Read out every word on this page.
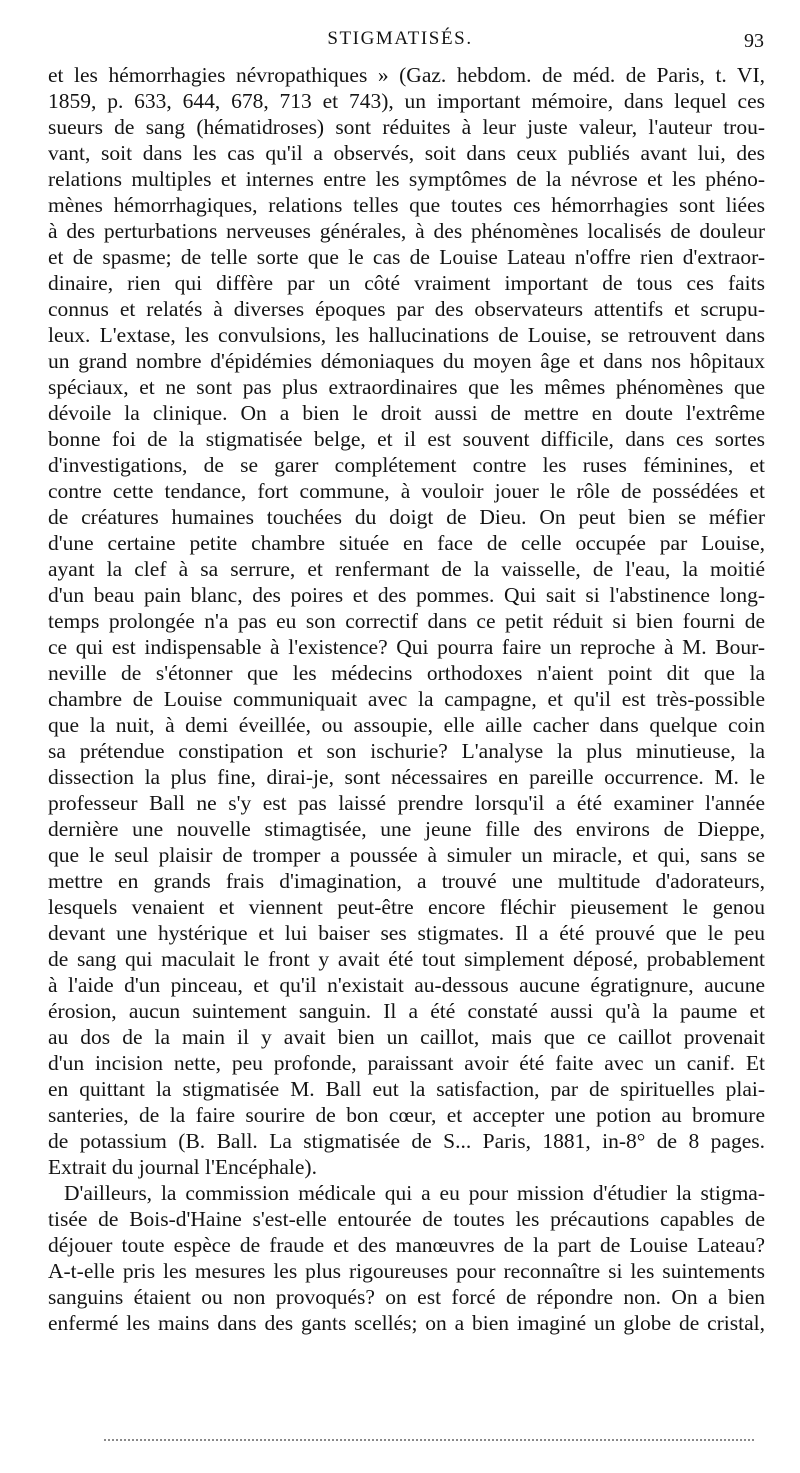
STIGMATISÉS.	93
et les hémorrhagies névropathiques » (Gaz. hebdom. de méd. de Paris, t. VI,
1859, p. 633, 644, 678, 713 et 743), un important mémoire, dans lequel ces
sueurs de sang (hématidroses) sont réduites à leur juste valeur, l'auteur trou-
vant, soit dans les cas qu'il a observés, soit dans ceux publiés avant lui, des
relations multiples et internes entre les symptômes de la névrose et les phéno-
mènes hémorrhagiques, relations telles que toutes ces hémorrhagies sont liées
à des perturbations nerveuses générales, à des phénomènes localisés de douleur
et de spasme; de telle sorte que le cas de Louise Lateau n'offre rien d'extraor-
dinaire, rien qui diffère par un côté vraiment important de tous ces faits
connus et relatés à diverses époques par des observateurs attentifs et scrupu-
leux. L'extase, les convulsions, les hallucinations de Louise, se retrouvent dans
un grand nombre d'épidémies démoniaques du moyen âge et dans nos hôpitaux
spéciaux, et ne sont pas plus extraordinaires que les mêmes phénomènes que
dévoile la clinique. On a bien le droit aussi de mettre en doute l'extrême
bonne foi de la stigmatisée belge, et il est souvent difficile, dans ces sortes
d'investigations, de se garer complétement contre les ruses féminines, et
contre cette tendance, fort commune, à vouloir jouer le rôle de possédées et
de créatures humaines touchées du doigt de Dieu. On peut bien se méfier
d'une certaine petite chambre située en face de celle occupée par Louise,
ayant la clef à sa serrure, et renfermant de la vaisselle, de l'eau, la moitié
d'un beau pain blanc, des poires et des pommes. Qui sait si l'abstinence long-
temps prolongée n'a pas eu son correctif dans ce petit réduit si bien fourni de
ce qui est indispensable à l'existence? Qui pourra faire un reproche à M. Bour-
neville de s'étonner que les médecins orthodoxes n'aient point dit que la
chambre de Louise communiquait avec la campagne, et qu'il est très-possible
que la nuit, à demi éveillée, ou assoupie, elle aille cacher dans quelque coin
sa prétendue constipation et son ischurie? L'analyse la plus minutieuse, la
dissection la plus fine, dirai-je, sont nécessaires en pareille occurrence. M. le
professeur Ball ne s'y est pas laissé prendre lorsqu'il a été examiner l'année
dernière une nouvelle stimagtisée, une jeune fille des environs de Dieppe,
que le seul plaisir de tromper a poussée à simuler un miracle, et qui, sans se
mettre en grands frais d'imagination, a trouvé une multitude d'adorateurs,
lesquels venaient et viennent peut-être encore fléchir pieusement le genou
devant une hystérique et lui baiser ses stigmates. Il a été prouvé que le peu
de sang qui maculait le front y avait été tout simplement déposé, probablement
à l'aide d'un pinceau, et qu'il n'existait au-dessous aucune égratignure, aucune
érosion, aucun suintement sanguin. Il a été constaté aussi qu'à la paume et
au dos de la main il y avait bien un caillot, mais que ce caillot provenait
d'un incision nette, peu profonde, paraissant avoir été faite avec un canif. Et
en quittant la stigmatisée M. Ball eut la satisfaction, par de spirituelles plai-
santeries, de la faire sourire de bon cœur, et accepter une potion au bromure
de potassium (B. Ball. La stigmatisée de S... Paris, 1881, in-8° de 8 pages.
Extrait du journal l'Encéphale).
D'ailleurs, la commission médicale qui a eu pour mission d'étudier la stigma-
tisée de Bois-d'Haine s'est-elle entourée de toutes les précautions capables de
déjouer toute espèce de fraude et des manœuvres de la part de Louise Lateau?
A-t-elle pris les mesures les plus rigoureuses pour reconnaître si les suintements
sanguins étaient ou non provoqués? on est forcé de répondre non. On a bien
enfermé les mains dans des gants scellés; on a bien imaginé un globe de cristal,
